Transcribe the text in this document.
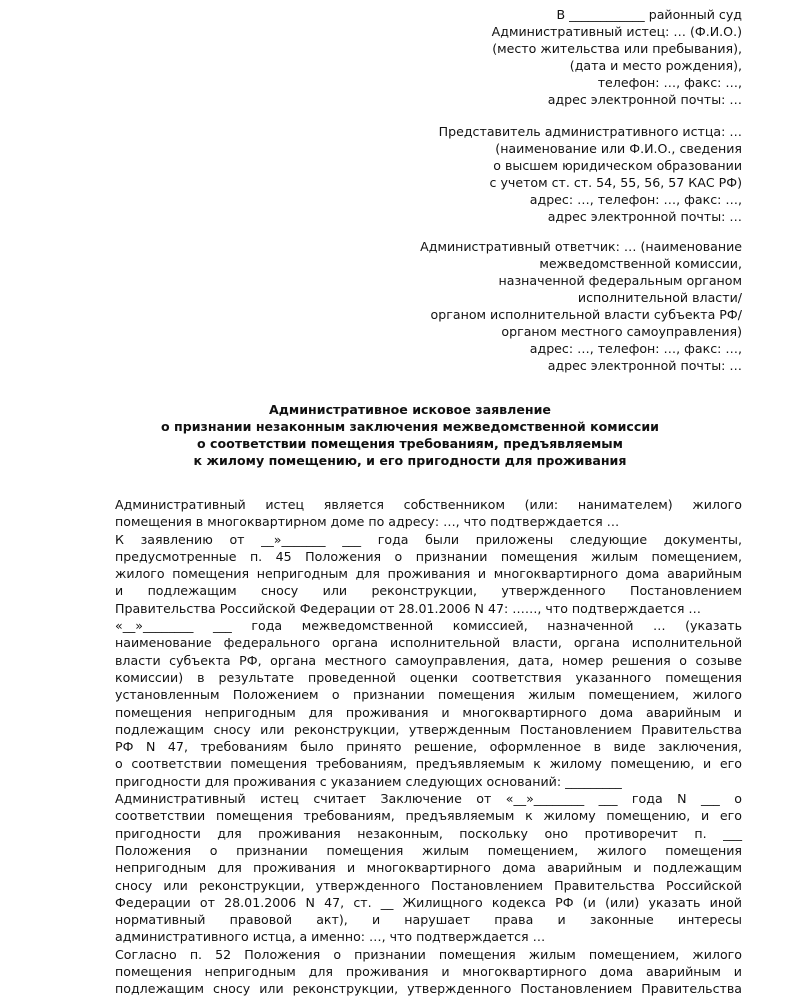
В ____________ районный суд
Административный истец: … (Ф.И.О.)
(место жительства или пребывания),
(дата и место рождения),
телефон: …, факс: …,
адрес электронной почты: …
Представитель административного истца: …
(наименование или Ф.И.О., сведения
о высшем юридическом образовании
с учетом ст. ст. 54, 55, 56, 57 КАС РФ)
адрес: …, телефон: …, факс: …,
адрес электронной почты: …
Административный ответчик: … (наименование
межведомственной комиссии,
назначенной федеральным органом
исполнительной власти/
органом исполнительной власти субъекта РФ/
органом местного самоуправления)
адрес: …, телефон: …, факс: …,
адрес электронной почты: …
Административное исковое заявление
о признании незаконным заключения межведомственной комиссии
о соответствии помещения требованиям, предъявляемым
к жилому помещению, и его пригодности для проживания
Административный истец является собственником (или: нанимателем) жилого
помещения в многоквартирном доме по адресу: …, что подтверждается …
К заявлению от __»_______ ___ года были приложены следующие документы,
предусмотренные п. 45 Положения о признании помещения жилым помещением,
жилого помещения непригодным для проживания и многоквартирного дома аварийным
и подлежащим сносу или реконструкции, утвержденного Постановлением
Правительства Российской Федерации от 28.01.2006 N 47: ……, что подтверждается …
«__»________ ___ года межведомственной комиссией, назначенной … (указать
наименование федерального органа исполнительной власти, органа исполнительной
власти субъекта РФ, органа местного самоуправления, дата, номер решения о созыве
комиссии) в результате проведенной оценки соответствия указанного помещения
установленным Положением о признании помещения жилым помещением, жилого
помещения непригодным для проживания и многоквартирного дома аварийным и
подлежащим сносу или реконструкции, утвержденным Постановлением Правительства
РФ N 47, требованиям было принято решение, оформленное в виде заключения,
о соответствии помещения требованиям, предъявляемым к жилому помещению, и его
пригодности для проживания с указанием следующих оснований: _________
Административный истец считает Заключение от «__»________ ___ года N ___ о
соответствии помещения требованиям, предъявляемым к жилому помещению, и его
пригодности для проживания незаконным, поскольку оно противоречит п. ___
Положения о признании помещения жилым помещением, жилого помещения
непригодным для проживания и многоквартирного дома аварийным и подлежащим
сносу или реконструкции, утвержденного Постановлением Правительства Российской
Федерации от 28.01.2006 N 47, ст. __ Жилищного кодекса РФ (и (или) указать иной
нормативный правовой акт), и нарушает права и законные интересы
административного истца, а именно: …, что подтверждается …
Согласно п. 52 Положения о признании помещения жилым помещением, жилого
помещения непригодным для проживания и многоквартирного дома аварийным и
подлежащим сносу или реконструкции, утвержденного Постановлением Правительства
